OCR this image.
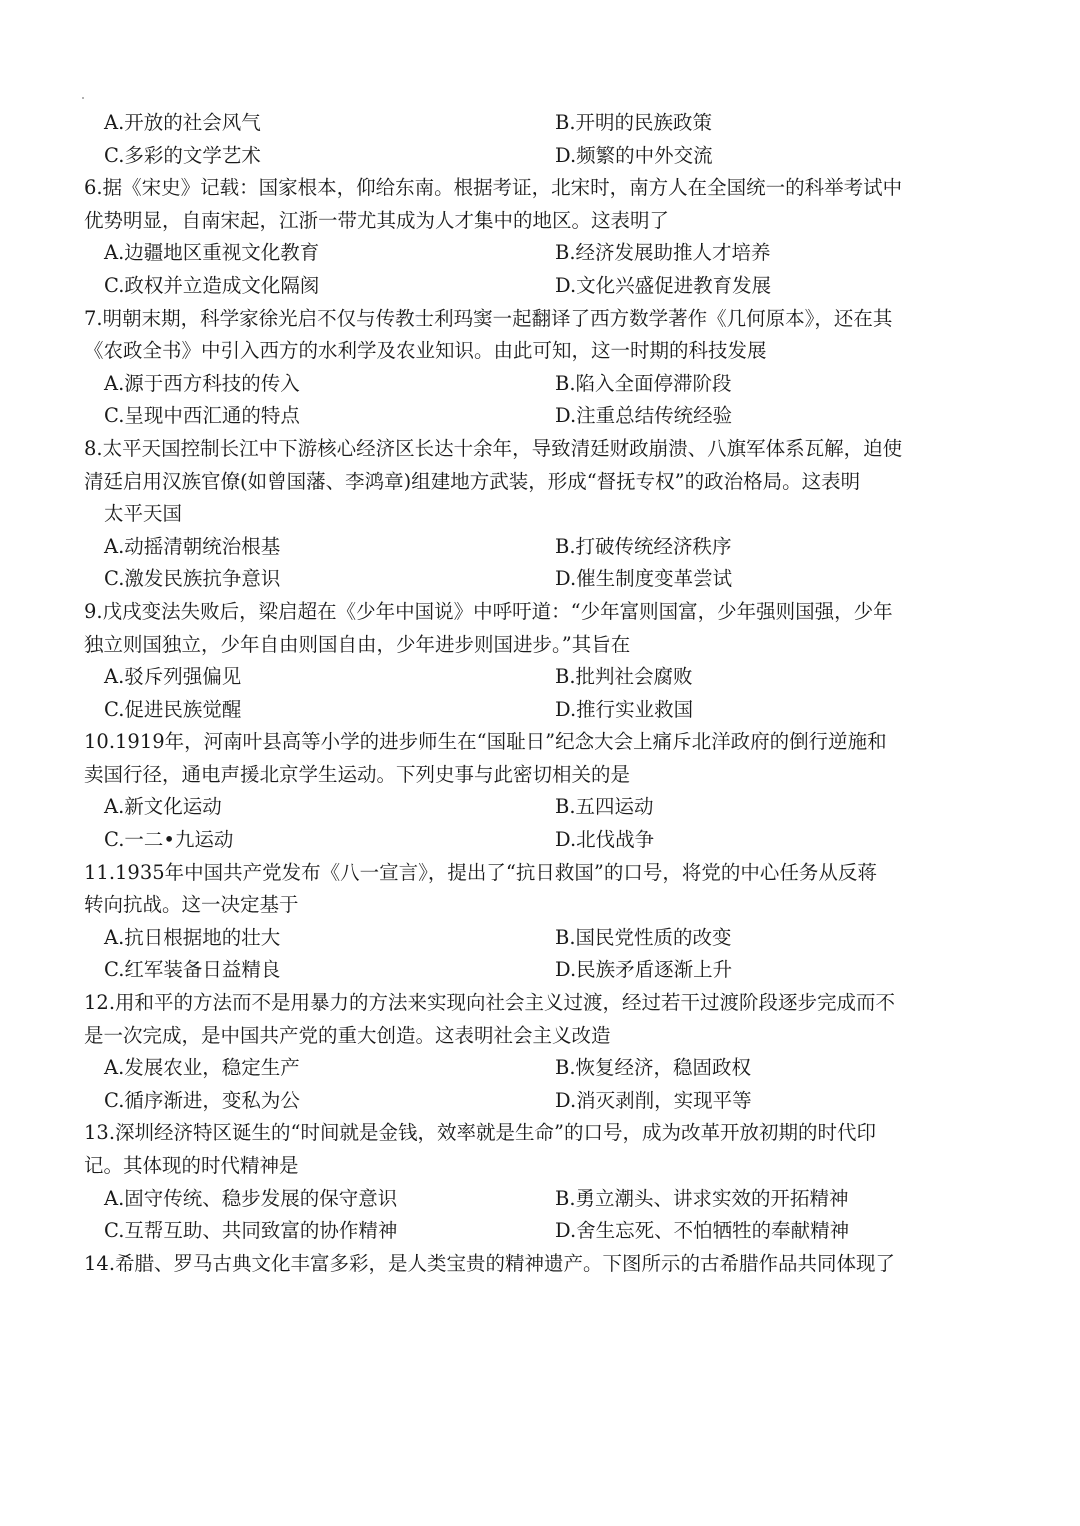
A.开放的社会风气	B.开明的民族政策
C.多彩的文学艺术	D.频繁的中外交流
6.据《宋史》记载：国家根本，仰给东南。根据考证，北宋时，南方人在全国统一的科举考试中
优势明显，自南宋起，江浙一带尤其成为人才集中的地区。这表明了
A.边疆地区重视文化教育	B.经济发展助推人才培养
C.政权并立造成文化隔阂	D.文化兴盛促进教育发展
7.明朝末期，科学家徐光启不仅与传教士利玛窦一起翻译了西方数学著作《几何原本》，还在其
《农政全书》中引入西方的水利学及农业知识。由此可知，这一时期的科技发展
A.源于西方科技的传入	B.陷入全面停滞阶段
C.呈现中西汇通的特点	D.注重总结传统经验
8.太平天国控制长江中下游核心经济区长达十余年，导致清廷财政崩溃、八旗军体系瓦解，迫使
清廷启用汉族官僚(如曾国藩、李鸿章)组建地方武装，形成“督抚专权”的政治格局。这表明
太平天国
A.动摇清朝统治根基	B.打破传统经济秩序
C.激发民族抗争意识	D.催生制度变革尝试
9.戊戌变法失败后，梁启超在《少年中国说》中呼吁道：“少年富则国富，少年强则国强，少年
独立则国独立，少年自由则国自由，少年进步则国进步。”其旨在
A.驳斥列强偏见	B.批判社会腐败
C.促进民族觉醒	D.推行实业救国
10.1919年，河南叶县高等小学的进步师生在“国耻日”纪念大会上痛斥北洋政府的倒行逆施和
卖国行径，通电声援北京学生运动。下列史事与此密切相关的是
A.新文化运动	B.五四运动
C.一二•九运动	D.北伐战争
11.1935年中国共产党发布《八一宣言》，提出了“抗日救国”的口号，将党的中心任务从反蒋
转向抗战。这一决定基于
A.抗日根据地的壮大	B.国民党性质的改变
C.红军装备日益精良	D.民族矛盾逐渐上升
12.用和平的方法而不是用暴力的方法来实现向社会主义过渡，经过若干过渡阶段逐步完成而不
是一次完成，是中国共产党的重大创造。这表明社会主义改造
A.发展农业，稳定生产	B.恢复经济，稳固政权
C.循序渐进，变私为公	D.消灭剥削，实现平等
13.深圳经济特区诞生的“时间就是金钱，效率就是生命”的口号，成为改革开放初期的时代印
记。其体现的时代精神是
A.固守传统、稳步发展的保守意识	B.勇立潮头、讲求实效的开拓精神
C.互帮互助、共同致富的协作精神	D.舍生忘死、不怕牺牲的奉献精神
14.希腊、罗马古典文化丰富多彩，是人类宝贵的精神遗产。下图所示的古希腊作品共同体现了
